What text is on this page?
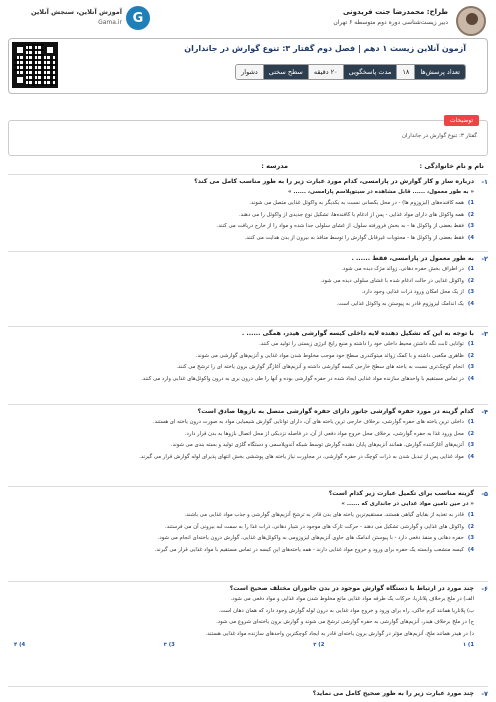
طراح: محمدرضا جنت فریدونی
دبیر زیست‌شناسی دوره دوم متوسطه ۶ تهران
G
آموزش آنلاین، سنجش آنلاین
Gama.ir
آزمون آنلاین زیست ۱ دهم | فصل دوم گفتار ۳: تنوع گوارش در جانداران
تعداد پرسش‌ها
۱۸
مدت پاسخگویی
۲۰ دقیقه
سطح سختی
دشوار
توضیحات
گفتار ۳: تنوع گوارش در جانداران
نام و نام خانوادگی :
مدرسه :
۱-
درباره ساز و کار گوارش در پارامسی، کدام مورد عبارت زیر را به طور مناسب کامل می کند؟
« به طور معمول، ...... قابل مشاهده در سیتوپلاسم پارامسی، ...... »
1)همه کافنده‌های (لیزوزوم ها) - در محل یکسانی نسبت به یکدیگر به واکوئل غذایی متصل می شوند.
2)همه واکوئل های دارای مواد غذایی - پس از ادغام با کافنده‌ها، تشکیل نوع جدیدی از واکوئل را می دهند.
3)فقط بعضی از واکوئل ها - به بخش فرورفته سلول، از غشای سلولی جدا شده و مواد را از خارج دریافت می کنند.
4)فقط بعضی از واکوئل ها - محتویات غیرقابل گوارش را توسط منافذ به بیرون از بدن هدایت می کنند.
۲-
به طور معمول در پارامسی، فقط ...... .
1)در اطراف بخش حفره دهانی، زوائد مژک دیده می شود.
2)واکوئل غذایی در حالت ادغام شده با غشای سلولی دیده می شود.
3)از یک محل امکان ورود ذرات غذایی وجود دارد.
4)یک اندامک لیزوزوم قادر به پیوستن به واکوئل غذایی است.
۳-
با توجه به این که تشکیل دهنده لایه داخلی کیسه گوارشی هیدر، همگی ...... .
1)توانایی ثابت نگه داشتن محیط داخلی خود را داشته و منبع رایج انرژی زیستی را تولید می کنند.
2)ظاهری مکعبی داشته و با کمک زوائد میتوکندری سطح خود موجب مخلوط شدن مواد غذایی و آنزیم‌های گوارشی می شوند.
3)انجام کوچک‌تری نسبت به یاخته های سطح خارجی کیسه گوارشی داشته و آنزیم‌های آغازگر گوارش برون یاخته ای را ترشح می کنند.
4)در تماس مستقیم با واحدهای سازنده مواد غذایی ایجاد شده در حفره گوارشی بوده و آنها را طی درون بری به درون واکوئل‌های غذایی وارد می کنند.
۴-
کدام گزینه در مورد حفره گوارشی جانور دارای حفره گوارشی متصل به بازوها صادق است؟
1)داخلی ترین یاخته های حفره گوارشی، برخلاف خارجی ترین یاخته های آن، دارای توانایی گوارش شیمیایی مواد به صورت درون یاخته ای هستند.
2)محل ورود غذا به حفره گوارشی، برخلاف محل خروج مواد دفعی از آن، در فاصله نزدیکی از محل اتصال بازوها به بدن قرار دارد.
3)آنزیم‌های آغازکننده گوارش، همانند آنزیم‌های پایان دهنده گوارش توسط شبکه آندوپلاسمی و دستگاه گلژی تولید و بسته بندی می شوند.
4)مواد غذایی پس از تبدیل شدن به ذرات کوچک در حفره گوارشی، در مجاورت نیاز یاخته های پوششی بخش انتهای پذیرای لوله گوارش قرار می گیرند.
۵-
گزینه مناسب برای تکمیل عبارت زیر کدام است؟
« در حین تامین مواد غذایی در جانداری که ...... »
1)قادر به تغذیه از بقایای گیاهی هستند، مستقیم‌ترین یاخته های بدن قادر به ترشح آنزیم‌های گوارشی و جذب مواد غذایی می باشند.
2)واکوئل های غذایی و گوارشی تشکیل می دهند - حرکت تارک های موجود در شیار دهانی، ذرات غذا را به سمت لبه بیرونی آن می فرستند.
3)حفره دهانی و منفذ دفعی دارد - با پیوستن اندامک های حاوی آنزیم‌های لیزوزومی به واکوئل‌های غذایی، گوارش درون یاخته‌ای انجام می شود.
4)کیسه منشعب وابسته یک حفره برای ورود و خروج مواد غذایی دارند - همه یاخته‌های این کیسه در تماس مستقیم با مواد غذایی قرار می گیرند.
۶-
چند مورد در ارتباط با دستگاه گوارش موجود در بدن جانوران مختلف صحیح است؟
الف) در ملخ برخلاف پلاناریا، حرکات یک طرفه مواد غذایی مانع مخلوط شدن مواد غذایی و مواد دفعی می شود.
ب) پلاناریا همانند کرم خاکی، راه برای ورود و خروج مواد غذایی به درون لوله گوارش وجود دارد که همان دهان است.
ج) در ملخ برخلاف هیدر، آنزیم‌های گوارشی به حفره گوارشی ترشح می شوند و گوارش برون یاخته‌ای شروع می شود.
د) در هیدر همانند ملخ، آنزیم‌های مؤثر در گوارش برون یاخته‌ای قادر به ایجاد کوچکترین واحدهای سازنده مواد غذایی هستند.
1) ۱
2) ۲
3) ۳
4) ۴
۷-
چند مورد عبارت زیر را به طور صحیح کامل می نماید؟
